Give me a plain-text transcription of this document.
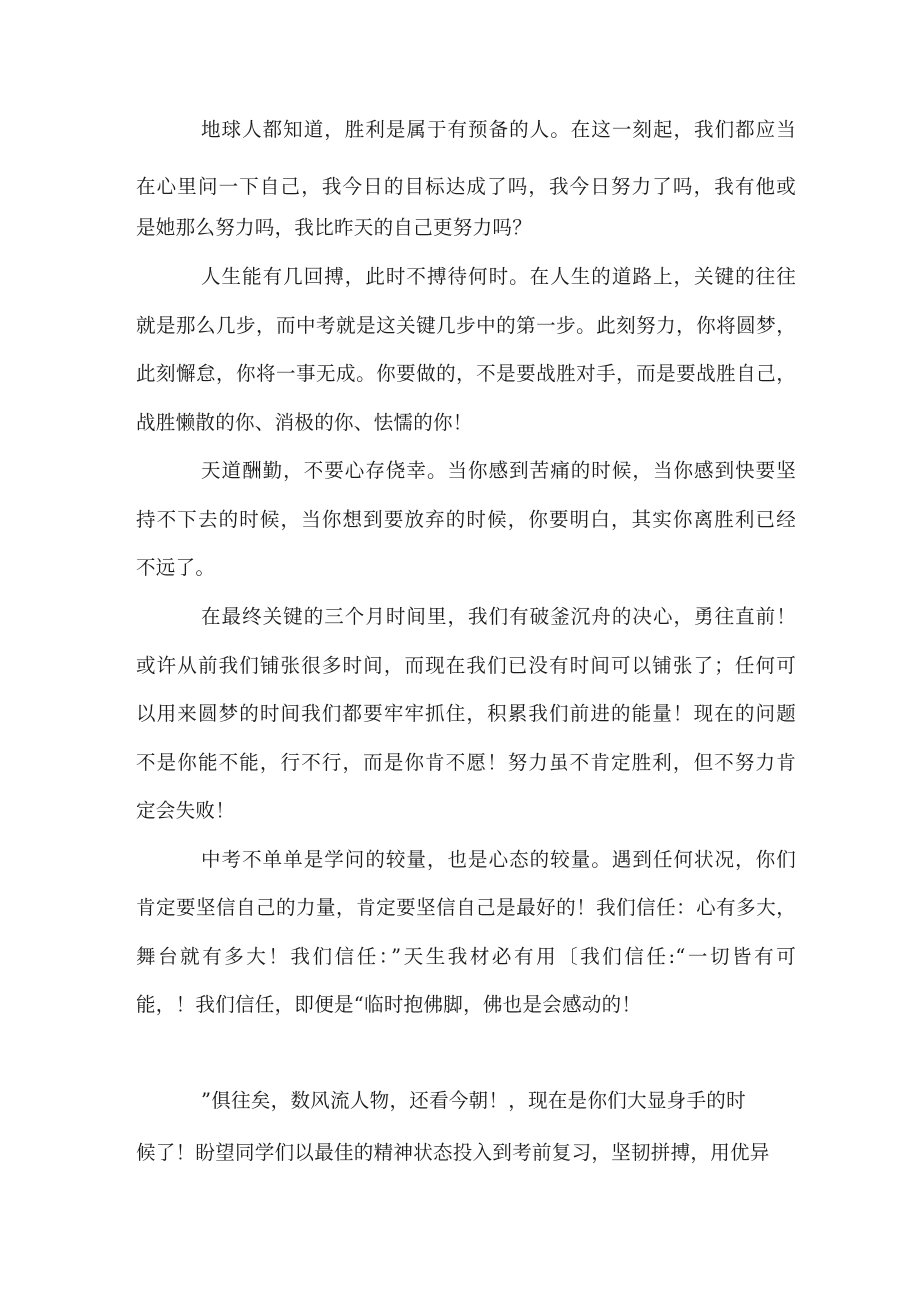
地球人都知道，胜利是属于有预备的人。在这一刻起，我们都应当
在心里问一下自己，我今日的目标达成了吗，我今日努力了吗，我有他或
是她那么努力吗，我比昨天的自己更努力吗？
人生能有几回搏，此时不搏待何时。在人生的道路上，关键的往往
就是那么几步，而中考就是这关键几步中的第一步。此刻努力，你将圆梦，
此刻懈怠，你将一事无成。你要做的，不是要战胜对手，而是要战胜自己，
战胜懒散的你、消极的你、怯懦的你！
天道酬勤，不要心存侥幸。当你感到苦痛的时候，当你感到快要坚
持不下去的时候，当你想到要放弃的时候，你要明白，其实你离胜利已经
不远了。
在最终关键的三个月时间里，我们有破釜沉舟的决心，勇往直前！
或许从前我们铺张很多时间，而现在我们已没有时间可以铺张了；任何可
以用来圆梦的时间我们都要牢牢抓住，积累我们前进的能量！现在的问题
不是你能不能，行不行，而是你肯不愿！努力虽不肯定胜利，但不努力肯
定会失败！
中考不单单是学问的较量，也是心态的较量。遇到任何状况，你们
肯定要坚信自己的力量，肯定要坚信自己是最好的！我们信任：心有多大，
舞台就有多大！我们信任：”天生我材必有用〔我们信任:“一切皆有可
能，！我们信任，即便是“临时抱佛脚，佛也是会感动的！
”俱往矣，数风流人物，还看今朝！，现在是你们大显身手的时
候了！盼望同学们以最佳的精神状态投入到考前复习，坚韧拼搏，用优异
